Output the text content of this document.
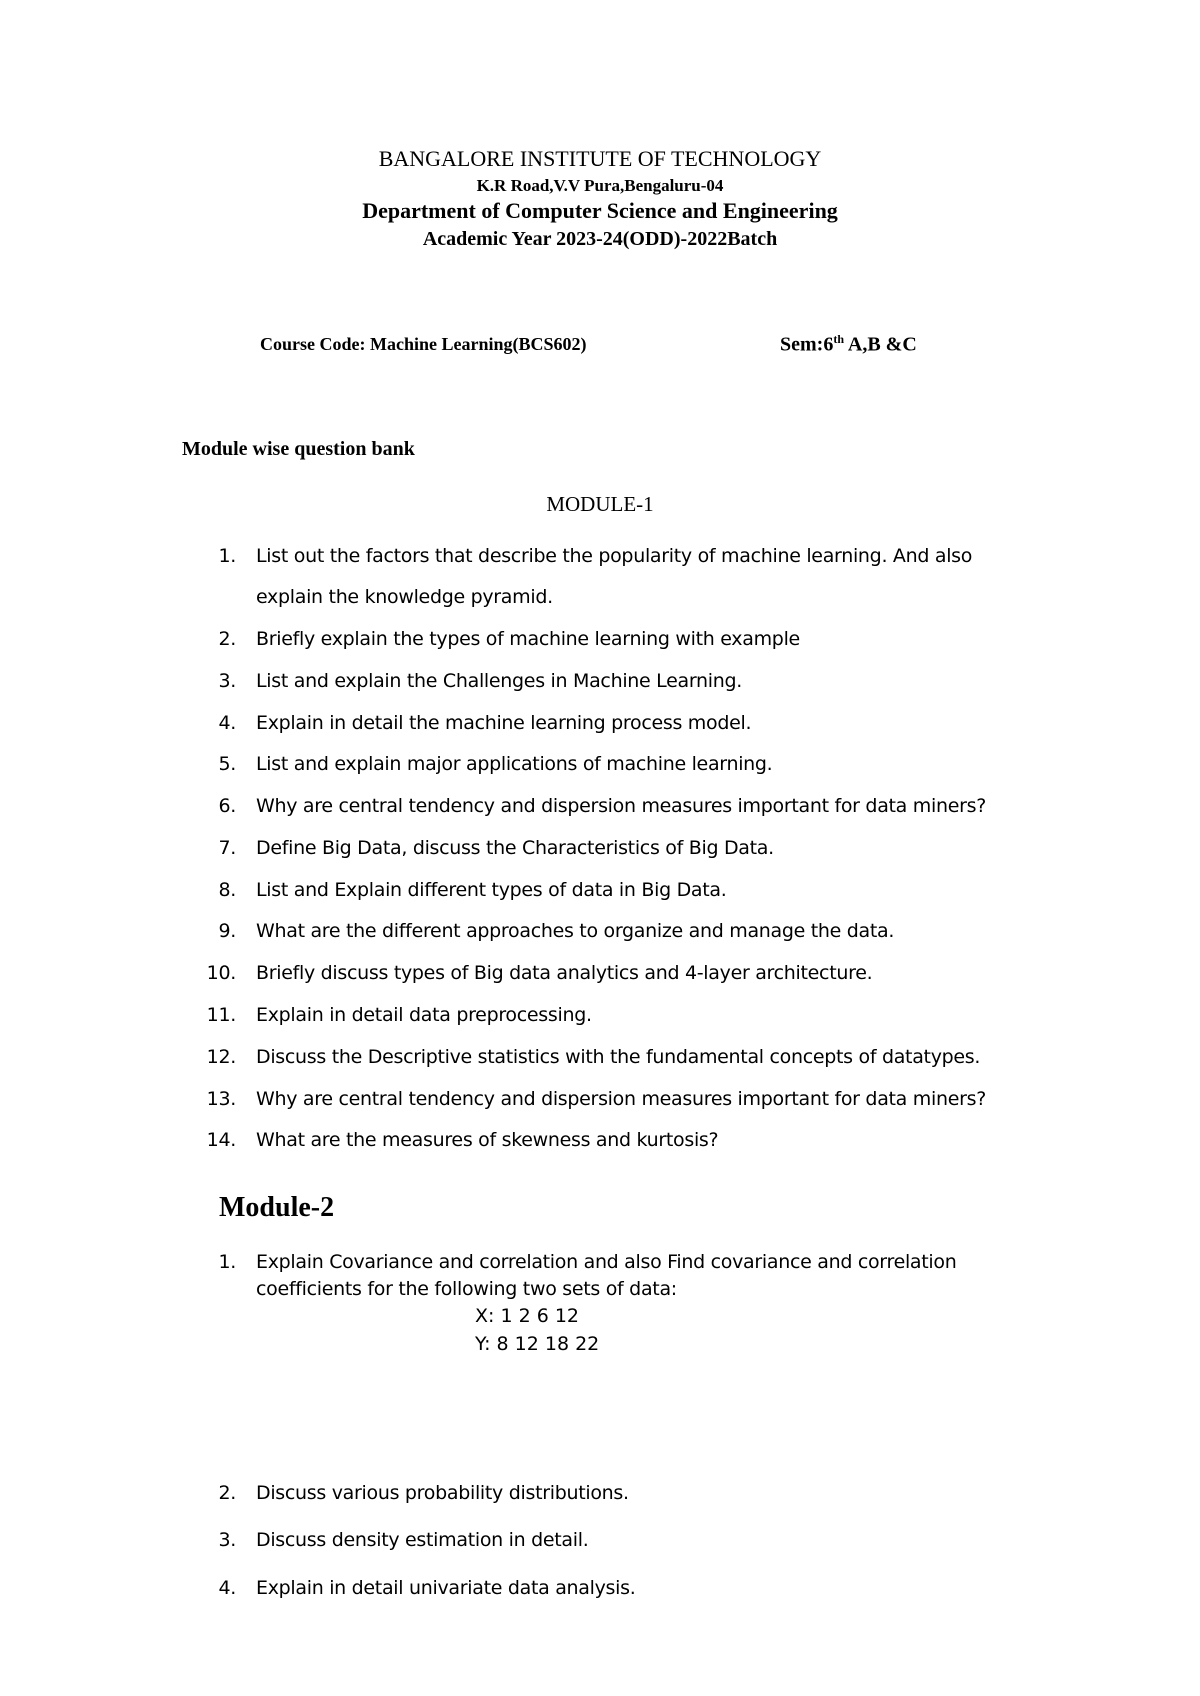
BANGALORE INSTITUTE OF TECHNOLOGY
K.R Road,V.V Pura,Bengaluru-04
Department of Computer Science and Engineering
Academic Year 2023-24(ODD)-2022Batch
Course Code: Machine Learning(BCS602)	Sem:6th A,B &C
Module wise question bank
MODULE-1
1. List out the factors that describe the popularity of machine learning. And also
explain the knowledge pyramid.
2. Briefly explain the types of machine learning with example
3. List and explain the Challenges in Machine Learning.
4. Explain in detail the machine learning process model.
5. List and explain major applications of machine learning.
6. Why are central tendency and dispersion measures important for data miners?
7. Define Big Data, discuss the Characteristics of Big Data.
8. List and Explain different types of data in Big Data.
9. What are the different approaches to organize and manage the data.
10. Briefly discuss types of Big data analytics and 4-layer architecture.
11. Explain in detail data preprocessing.
12. Discuss the Descriptive statistics with the fundamental concepts of datatypes.
13. Why are central tendency and dispersion measures important for data miners?
14. What are the measures of skewness and kurtosis?
Module-2
1. Explain Covariance and correlation and also Find covariance and correlation
coefficients for the following two sets of data:
2. Discuss various probability distributions.
3. Discuss density estimation in detail.
4. Explain in detail univariate data analysis.
X: 1 2 6 12
Y: 8 12 18 22
